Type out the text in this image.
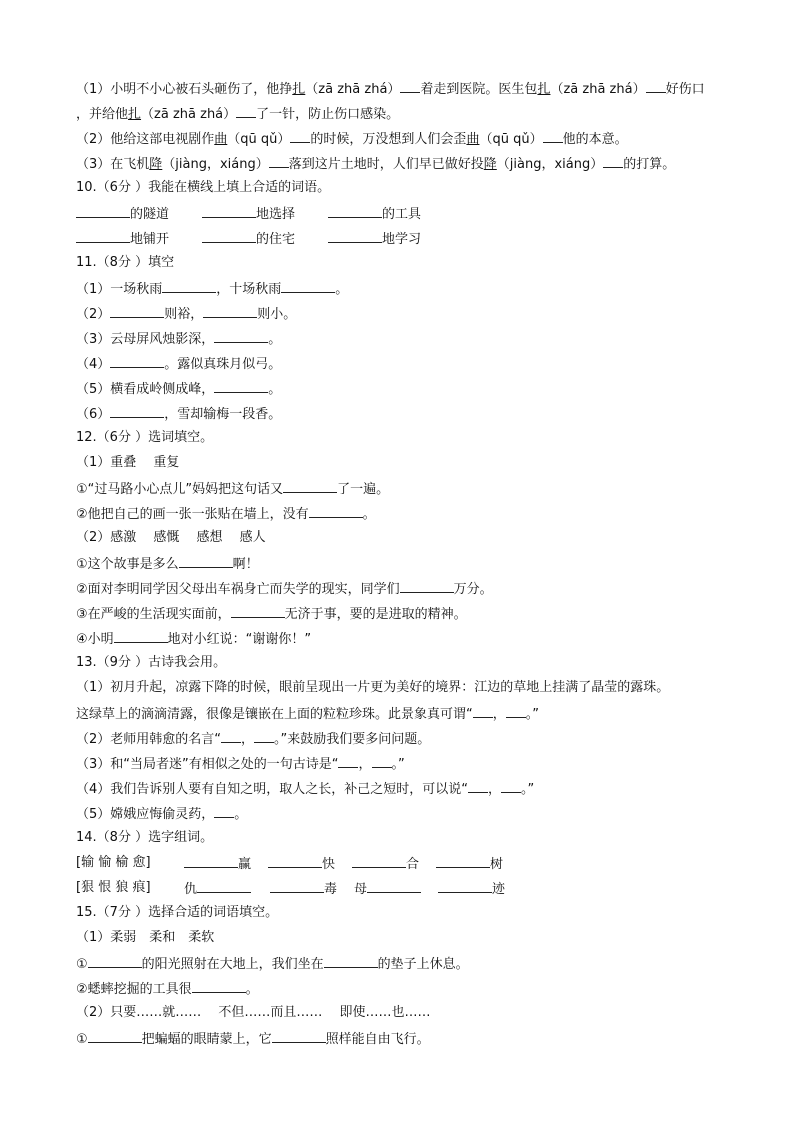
（1）小明不小心被石头砸伤了，他挣扎（zā zhā zhá） 着走到医院。医生包扎（zā zhā zhá） 好伤口
，并给他扎（zā zhā zhá） 了一针，防止伤口感染。
（2）他给这部电视剧作曲（qū qǔ） 的时候，万没想到人们会歪曲（qū qǔ） 他的本意。
（3）在飞机降（jiàng，xiáng） 落到这片土地时，人们早已做好投降（jiàng，xiáng） 的打算。
10.（6分 ）我能在横线上填上合适的词语。
的隧道	地选择	的工具
地铺开	的住宅	地学习
11.（8分 ）填空
（1）一场秋雨	，十场秋雨	。
（2）	则裕，	则小。
（3）云母屏风烛影深，	。
（4）	。露似真珠月似弓。
（5）横看成岭侧成峰，	。
（6）	，雪却输梅一段香。
12.（6分 ）选词填空。
（1）重叠　 重复
①“过马路小心点儿”妈妈把这句话又	了一遍。
②他把自己的画一张一张贴在墙上，没有	。
（2）感激　 感慨　 感想　 感人
①这个故事是多么	啊！
②面对李明同学因父母出车祸身亡而失学的现实，同学们	万分。
③在严峻的生活现实面前，	无济于事，要的是进取的精神。
④小明	地对小红说：“谢谢你！”
13.（9分 ）古诗我会用。
（1）初月升起，凉露下降的时候，眼前呈现出一片更为美好的境界：江边的草地上挂满了晶莹的露珠。
这绿草上的滴滴清露，很像是镶嵌在上面的粒粒珍珠。此景象真可谓“ ， 。”
（2）老师用韩愈的名言“ ， 。”来鼓励我们要多问问题。
（3）和“当局者迷”有相似之处的一句古诗是“ ， 。”
（4）我们告诉别人要有自知之明，取人之长，补己之短时，可以说“ ， 。”
（5）嫦娥应悔偷灵药， 。
14.（8分 ）选字组词。
[输 愉 榆 愈]	赢	快	合	树
[狠 恨 狼 痕]	仇	毒 母	迹
15.（7分 ）选择合适的词语填空。
（1）柔弱　柔和　柔软
①	的阳光照射在大地上，我们坐在	的垫子上休息。
②蟋蟀挖掘的工具很	。
（2）只要……就……　 不但……而且……　 即使……也……
①	把蝙蝠的眼睛蒙上，它	照样能自由飞行。
